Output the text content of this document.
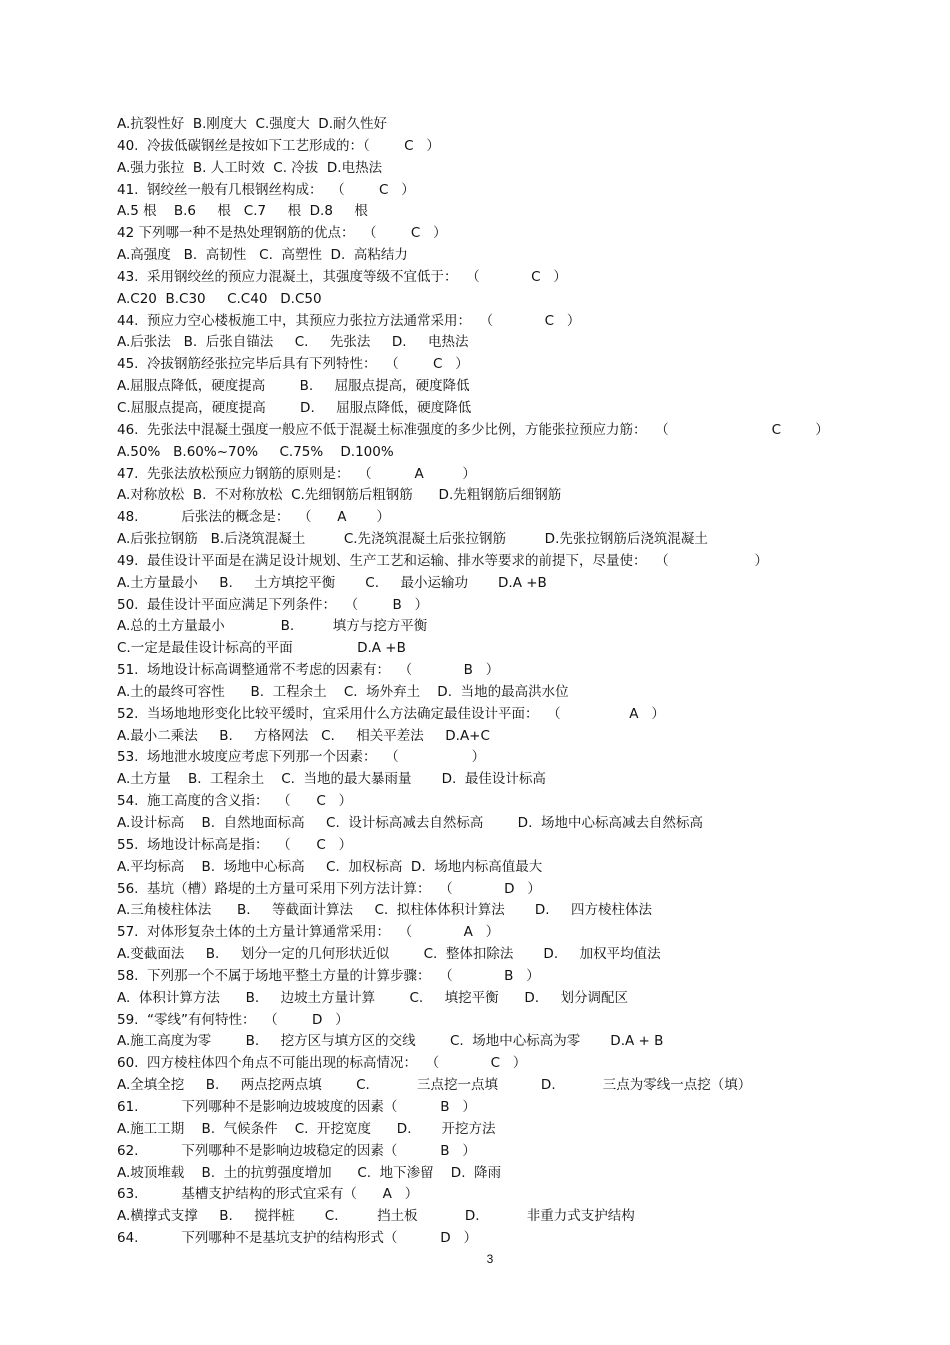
A.抗裂性好  B.刚度大  C.强度大  D.耐久性好
40.  冷拔低碳钢丝是按如下工艺形成的：（        C   ）
A.强力张拉  B. 人工时效  C. 冷拔  D.电热法
41.  钢绞丝一般有几根钢丝构成：  （        C   ）
A.5 根    B.6     根   C.7     根  D.8     根
42 下列哪一种不是热处理钢筋的优点：  （        C   ）
A.高强度   B.  高韧性   C.  高塑性  D.  高粘结力
43.  采用钢绞丝的预应力混凝土，其强度等级不宜低于：  （            C   ）
A.C20  B.C30     C.C40   D.C50
44.  预应力空心楼板施工中，其预应力张拉方法通常采用：  （            C   ）
A.后张法   B.  后张自锚法     C.     先张法     D.     电热法
45.  冷拔钢筋经张拉完毕后具有下列特性：  （        C   ）
A.屈服点降低，硬度提高        B.     屈服点提高，硬度降低
C.屈服点提高，硬度提高        D.     屈服点降低，硬度降低
46.  先张法中混凝土强度一般应不低于混凝土标准强度的多少比例，方能张拉预应力筋：  （                        C        ）
A.50%   B.60%~70%     C.75%    D.100%
47.  先张法放松预应力钢筋的原则是：  （          A         ）
A.对称放松  B.  不对称放松  C.先细钢筋后粗钢筋      D.先粗钢筋后细钢筋
48.          后张法的概念是：  （      A       ）
A.后张拉钢筋   B.后浇筑混凝土         C.先浇筑混凝土后张拉钢筋         D.先张拉钢筋后浇筑混凝土
49.  最佳设计平面是在满足设计规划、生产工艺和运输、排水等要求的前提下，尽量使：  （                    ）
A.土方量最小     B.     土方填挖平衡       C.     最小运输功       D.A +B
50.  最佳设计平面应满足下列条件：  （        B   ）
A.总的土方量最小             B.         填方与挖方平衡
C.一定是最佳设计标高的平面               D.A +B
51.  场地设计标高调整通常不考虑的因素有：  （            B   ）
A.土的最终可容性      B.  工程余土    C.  场外弃土    D.  当地的最高洪水位
52.  当场地地形变化比较平缓时，宜采用什么方法确定最佳设计平面：  （                A   ）
A.最小二乘法     B.     方格网法   C.     相关平差法     D.A+C
53.  场地泄水坡度应考虑下列那一个因素：  （                 ）
A.土方量    B.  工程余土    C.  当地的最大暴雨量       D.  最佳设计标高
54.  施工高度的含义指：  （      C   ）
A.设计标高    B.  自然地面标高     C.  设计标高减去自然标高        D.  场地中心标高减去自然标高
55.  场地设计标高是指：  （      C   ）
A.平均标高    B.  场地中心标高     C.  加权标高  D.  场地内标高值最大
56.  基坑（槽）路堤的土方量可采用下列方法计算：  （            D   ）
A.三角棱柱体法      B.     等截面计算法     C.  拟柱体体积计算法       D.     四方棱柱体法
57.  对体形复杂土体的土方量计算通常采用：  （            A   ）
A.变截面法     B.     划分一定的几何形状近似        C.  整体扣除法       D.     加权平均值法
58.  下列那一个不属于场地平整土方量的计算步骤：  （            B   ）
A.  体积计算方法      B.     边坡土方量计算        C.     填挖平衡      D.     划分调配区
59.  “零线”有何特性：  （        D   ）
A.施工高度为零        B.     挖方区与填方区的交线        C.  场地中心标高为零       D.A + B
60.  四方棱柱体四个角点不可能出现的标高情况：  （            C   ）
A.全填全挖     B.     两点挖两点填        C.           三点挖一点填          D.           三点为零线一点挖（填）
61.          下列哪种不是影响边坡坡度的因素（          B   ）
A.施工工期    B.  气候条件    C.  开挖宽度      D.       开挖方法
62.          下列哪种不是影响边坡稳定的因素（          B   ）
A.坡顶堆载    B.  土的抗剪强度增加      C.  地下渗留    D.  降雨
63.          基槽支护结构的形式宜采有（      A   ）
A.横撑式支撑     B.     搅拌桩       C.         挡土板           D.           非重力式支护结构
64.          下列哪种不是基坑支护的结构形式（          D   ）
3
